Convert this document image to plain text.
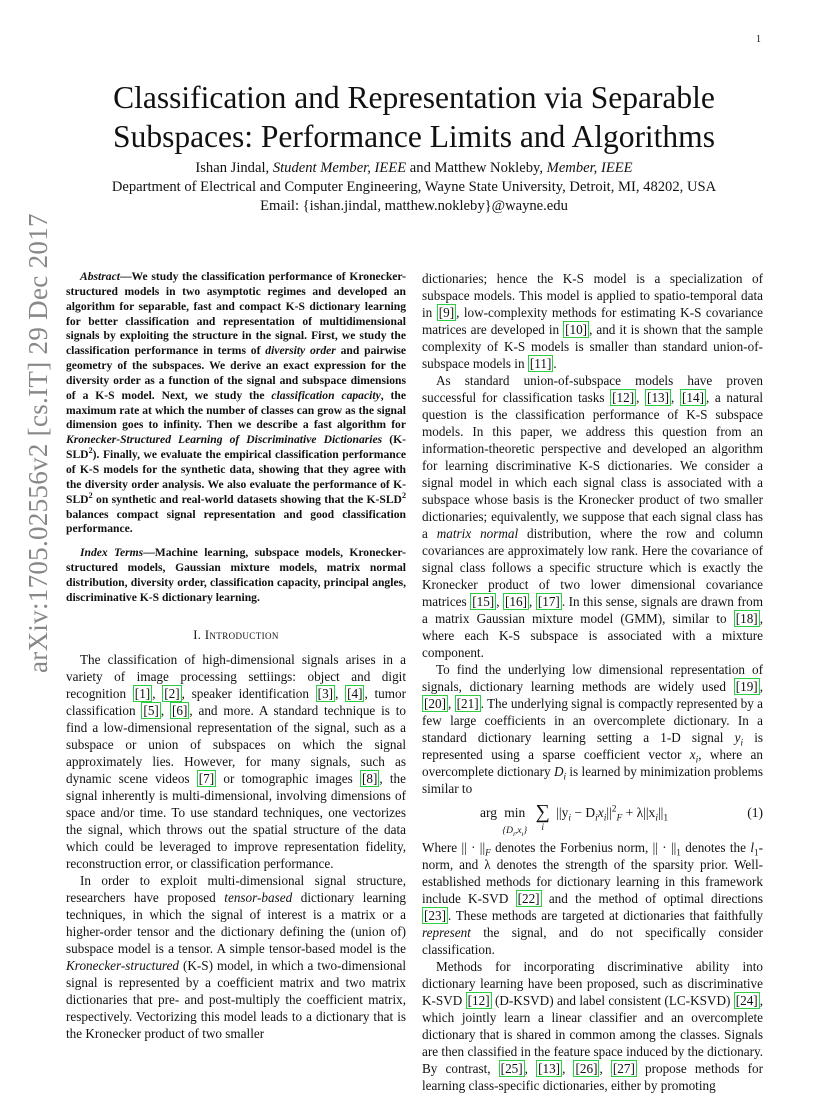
1
arXiv:1705.02556v2 [cs.IT] 29 Dec 2017
Classification and Representation via Separable Subspaces: Performance Limits and Algorithms
Ishan Jindal, Student Member, IEEE and Matthew Nokleby, Member, IEEE
Department of Electrical and Computer Engineering, Wayne State University, Detroit, MI, 48202, USA
Email: {ishan.jindal, matthew.nokleby}@wayne.edu

Abstract—We study the classification performance of Kronecker-structured models in two asymptotic regimes and developed an algorithm for separable, fast and compact K-S dictionary learning for better classification and representation of multidimensional signals by exploiting the structure in the signal. First, we study the classification performance in terms of diversity order and pairwise geometry of the subspaces. We derive an exact expression for the diversity order as a function of the signal and subspace dimensions of a K-S model. Next, we study the classification capacity, the maximum rate at which the number of classes can grow as the signal dimension goes to infinity. Then we describe a fast algorithm for Kronecker-Structured Learning of Discriminative Dictionaries (K-SLD$^2$). Finally, we evaluate the empirical classification performance of K-S models for the synthetic data, showing that they agree with the diversity order analysis. We also evaluate the performance of K-SLD$^2$ on synthetic and real-world datasets showing that the K-SLD$^2$ balances compact signal representation and good classification performance.

Index Terms—Machine learning, subspace models, Kronecker-structured models, Gaussian mixture models, matrix normal distribution, diversity order, classification capacity, principal angles, discriminative K-S dictionary learning.

I. Introduction

The classification of high-dimensional signals arises in a variety of image processing settiings: object and digit recognition [1] , [2] , speaker identification [3] , [4] , tumor classification [5] , [6] , and more. A standard technique is to find a low-dimensional representation of the signal, such as a subspace or union of subspaces on which the signal approximately lies. However, for many signals, such as dynamic scene videos [7] or tomographic images [8] , the signal inherently is multi-dimensional, involving dimensions of space and/or time. To use standard techniques, one vectorizes the signal, which throws out the spatial structure of the data which could be leveraged to improve representation fidelity, reconstruction error, or classification performance.

In order to exploit multi-dimensional signal structure, researchers have proposed tensor-based dictionary learning techniques, in which the signal of interest is a matrix or a higher-order tensor and the dictionary defining the (union of) subspace model is a tensor. A simple tensor-based model is the Kronecker-structured (K-S) model, in which a two-dimensional signal is represented by a coefficient matrix and two matrix dictionaries that pre- and post-multiply the coefficient matrix, respectively. Vectorizing this model leads to a dictionary that is the Kronecker product of two smaller

dictionaries; hence the K-S model is a specialization of subspace models. This model is applied to spatio-temporal data in [9] , low-complexity methods for estimating K-S covariance matrices are developed in [10] , and it is shown that the sample complexity of K-S models is smaller than standard union-of-subspace models in [11] .

As standard union-of-subspace models have proven successful for classification tasks [12] , [13] , [14] , a natural question is the classification performance of K-S subspace models. In this paper, we address this question from an information-theoretic perspective and developed an algorithm for learning discriminative K-S dictionaries. We consider a signal model in which each signal class is associated with a subspace whose basis is the Kronecker product of two smaller dictionaries; equivalently, we suppose that each signal class has a matrix normal distribution, where the row and column covariances are approximately low rank. Here the covariance of signal class follows a specific structure which is exactly the Kronecker product of two lower dimensional covariance matrices [15] , [16] , [17] . In this sense, signals are drawn from a matrix Gaussian mixture model (GMM), similar to [18] , where each K-S subspace is associated with a mixture component.

To find the underlying low dimensional representation of signals, dictionary learning methods are widely used [19] , [20] , [21] . The underlying signal is compactly represented by a few large coefficients in an overcomplete dictionary. In a standard dictionary learning setting a 1-D signal $y_i$ is represented using a sparse coefficient vector $x_i$, where an overcomplete dictionary $D_i$ is learned by minimization problems similar to

arg min
$\{D_i,x_i\}$ ∑
$^i$ $||y_i - D_ix_i||^2_F + \lambda||x_i||_1$	(1)

Where || · $||_F$ denotes the Forbenius norm, || · $||_1$ denotes the $l_1$-norm, and λ denotes the strength of the sparsity prior. Well-established methods for dictionary learning in this framework include K-SVD [22] and the method of optimal directions [23] . These methods are targeted at dictionaries that faithfully represent the signal, and do not specifically consider classification.

Methods for incorporating discriminative ability into dictionary learning have been proposed, such as discriminative K-SVD [12] (D-KSVD) and label consistent (LC-KSVD) [24] , which jointly learn a linear classifier and an overcomplete dictionary that is shared in common among the classes. Signals are then classified in the feature space induced by the dictionary. By contrast, [25] , [13] , [26] , [27] propose methods for learning class-specific dictionaries, either by promoting
